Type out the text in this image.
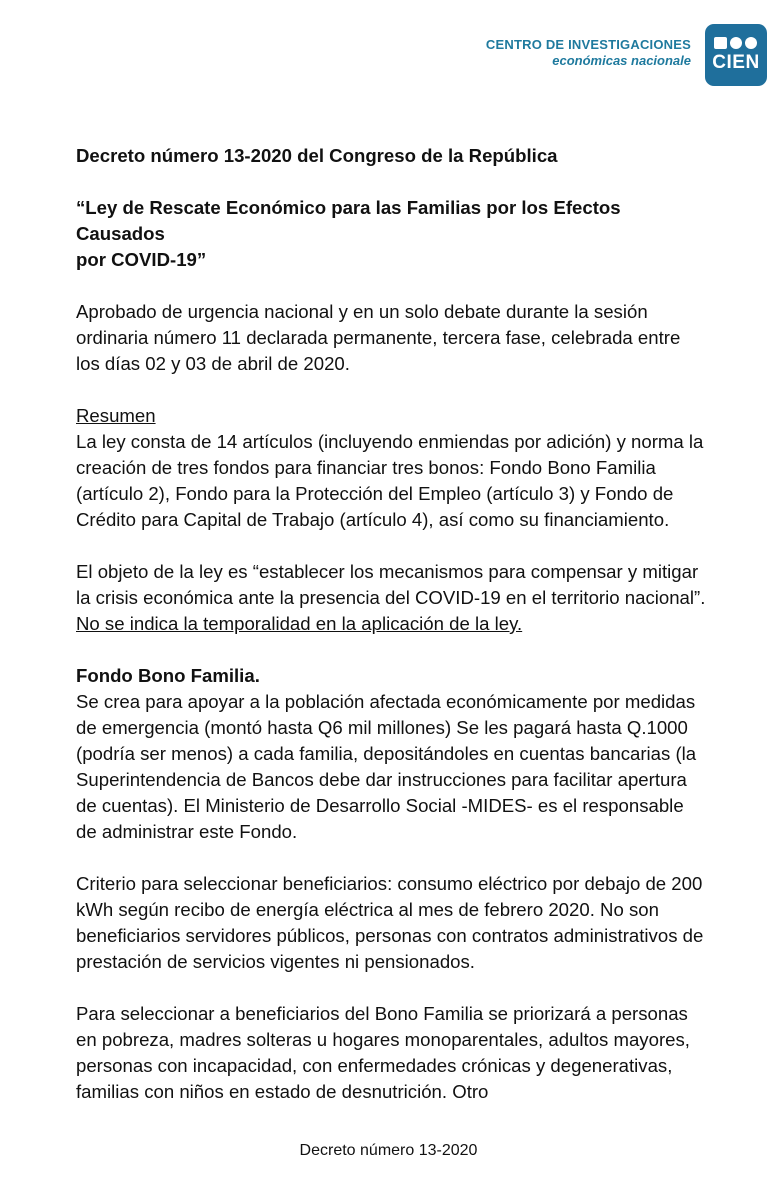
CENTRO DE INVESTIGACIONES
económicas nacionale	CIEN

Decreto número 13-2020 del Congreso de la República

“Ley de Rescate Económico para las Familias por los Efectos Causados
por COVID-19”

Aprobado de urgencia nacional y en un solo debate durante la sesión ordinaria número 11 declarada permanente, tercera fase, celebrada entre los días 02 y 03 de abril de 2020.

Resumen
La ley consta de 14 artículos (incluyendo enmiendas por adición) y norma la creación de tres fondos para financiar tres bonos: Fondo Bono Familia (artículo 2), Fondo para la Protección del Empleo (artículo 3) y Fondo de Crédito para Capital de Trabajo (artículo 4), así como su financiamiento.

El objeto de la ley es “establecer los mecanismos para compensar y mitigar la crisis económica ante la presencia del COVID-19 en el territorio nacional”. No se indica la temporalidad en la aplicación de la ley.

Fondo Bono Familia.
Se crea para apoyar a la población afectada económicamente por medidas de emergencia (montó hasta Q6 mil millones) Se les pagará hasta Q.1000 (podría ser menos) a cada familia, depositándoles en cuentas bancarias (la Superintendencia de Bancos debe dar instrucciones para facilitar apertura de cuentas). El Ministerio de Desarrollo Social -MIDES- es el responsable de administrar este Fondo.

Criterio para seleccionar beneficiarios: consumo eléctrico por debajo de 200 kWh según recibo de energía eléctrica al mes de febrero 2020. No son beneficiarios servidores públicos, personas con contratos administrativos de prestación de servicios vigentes ni pensionados.

Para seleccionar a beneficiarios del Bono Familia se priorizará a personas en pobreza, madres solteras u hogares monoparentales, adultos mayores, personas con incapacidad, con enfermedades crónicas y degenerativas, familias con niños en estado de desnutrición. Otro

Decreto número 13-2020
